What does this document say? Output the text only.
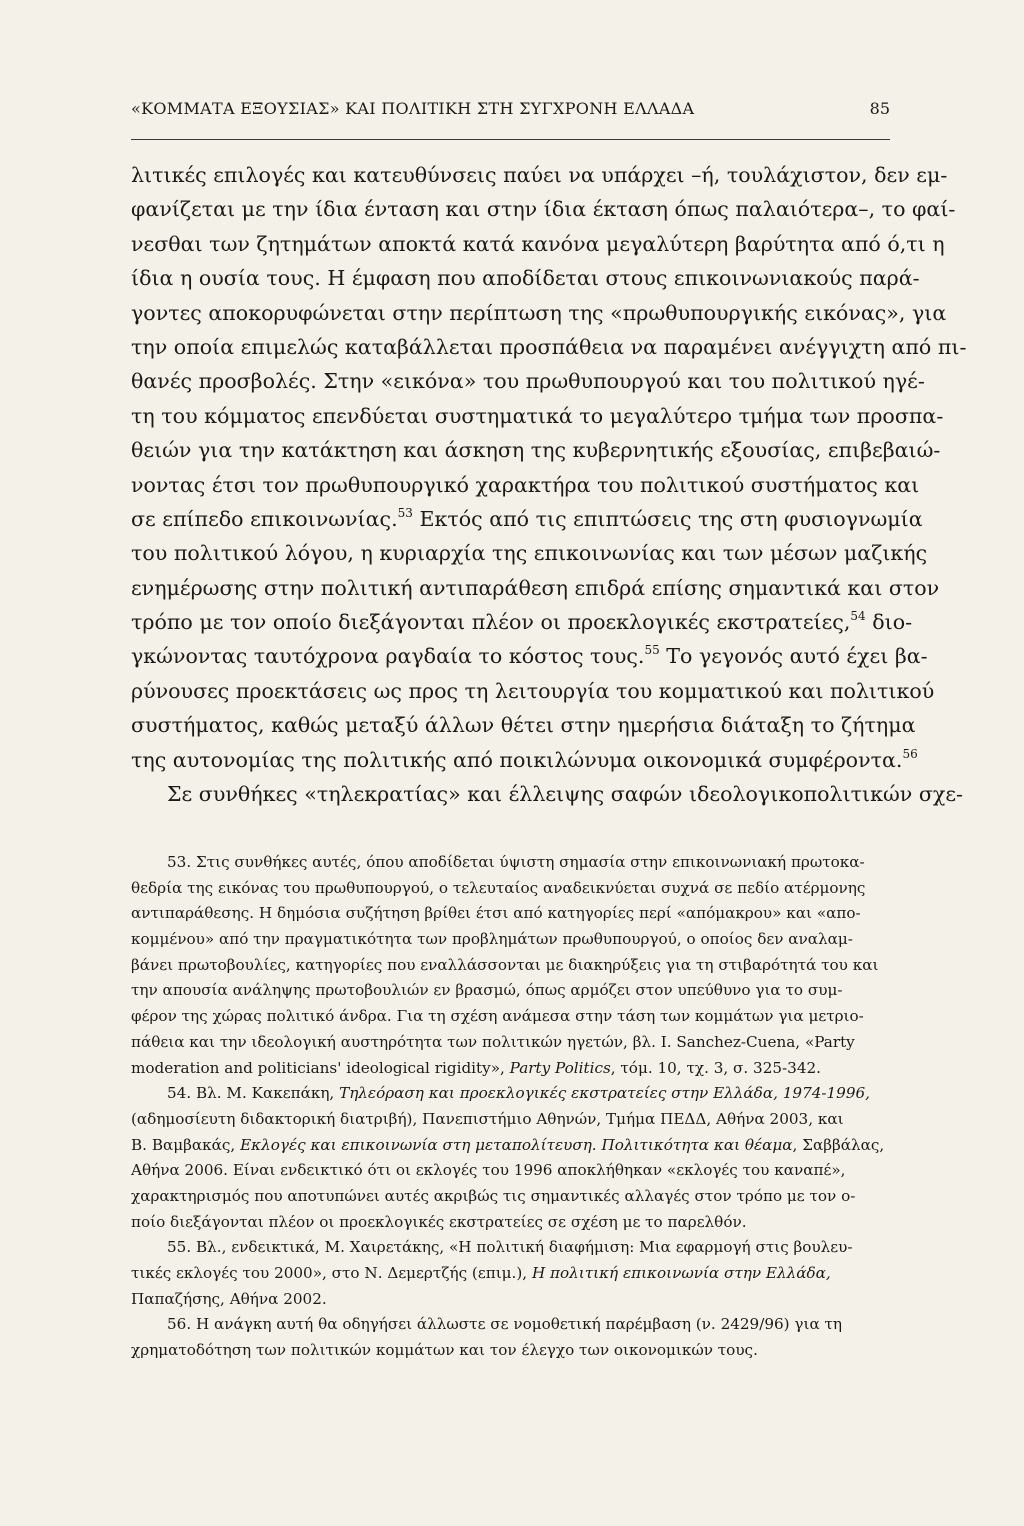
«ΚΟΜΜΑΤΑ ΕΞΟΥΣΙΑΣ» ΚΑΙ ΠΟΛΙΤΙΚΗ ΣΤΗ ΣΥΓΧΡΟΝΗ ΕΛΛΑΔΑ	85
λιτικές επιλογές και κατευθύνσεις παύει να υπάρχει –ή, τουλάχιστον, δεν εμ-
φανίζεται με την ίδια ένταση και στην ίδια έκταση όπως παλαιότερα–, το φαί-
νεσθαι των ζητημάτων αποκτά κατά κανόνα μεγαλύτερη βαρύτητα από ό,τι η
ίδια η ουσία τους. Η έμφαση που αποδίδεται στους επικοινωνιακούς παρά-
γοντες αποκορυφώνεται στην περίπτωση της «πρωθυπουργικής εικόνας», για
την οποία επιμελώς καταβάλλεται προσπάθεια να παραμένει ανέγγιχτη από πι-
θανές προσβολές. Στην «εικόνα» του πρωθυπουργού και του πολιτικού ηγέ-
τη του κόμματος επενδύεται συστηματικά το μεγαλύτερο τμήμα των προσπα-
θειών για την κατάκτηση και άσκηση της κυβερνητικής εξουσίας, επιβεβαιώ-
νοντας έτσι τον πρωθυπουργικό χαρακτήρα του πολιτικού συστήματος και
σε επίπεδο επικοινωνίας.$^{53}$ Εκτός από τις επιπτώσεις της στη φυσιογνωμία
του πολιτικού λόγου, η κυριαρχία της επικοινωνίας και των μέσων μαζικής
ενημέρωσης στην πολιτική αντιπαράθεση επιδρά επίσης σημαντικά και στον
τρόπο με τον οποίο διεξάγονται πλέον οι προεκλογικές εκστρατείες,$^{54}$ διο-
γκώνοντας ταυτόχρονα ραγδαία το κόστος τους.$^{55}$ Το γεγονός αυτό έχει βα-
ρύνουσες προεκτάσεις ως προς τη λειτουργία του κομματικού και πολιτικού
συστήματος, καθώς μεταξύ άλλων θέτει στην ημερήσια διάταξη το ζήτημα
της αυτονομίας της πολιτικής από ποικιλώνυμα οικονομικά συμφέροντα.$^{56}$
Σε συνθήκες «τηλεκρατίας» και έλλειψης σαφών ιδεολογικοπολιτικών σχε-
53. Στις συνθήκες αυτές, όπου αποδίδεται ύψιστη σημασία στην επικοινωνιακή πρωτοκα-
θεδρία της εικόνας του πρωθυπουργού, ο τελευταίος αναδεικνύεται συχνά σε πεδίο ατέρμονης
αντιπαράθεσης. Η δημόσια συζήτηση βρίθει έτσι από κατηγορίες περί «απόμακρου» και «απο-
κομμένου» από την πραγματικότητα των προβλημάτων πρωθυπουργού, ο οποίος δεν αναλαμ-
βάνει πρωτοβουλίες, κατηγορίες που εναλλάσσονται με διακηρύξεις για τη στιβαρότητά του και
την απουσία ανάληψης πρωτοβουλιών εν βρασμώ, όπως αρμόζει στον υπεύθυνο για το συμ-
φέρον της χώρας πολιτικό άνδρα. Για τη σχέση ανάμεσα στην τάση των κομμάτων για μετριο-
πάθεια και την ιδεολογική αυστηρότητα των πολιτικών ηγετών, βλ. I. Sanchez-Cuena, «Party
moderation and politicians' ideological rigidity», Party Politics, τόμ. 10, τχ. 3, σ. 325-342.
54. Βλ. Μ. Κακεπάκη, Τηλεόραση και προεκλογικές εκστρατείες στην Ελλάδα, 1974-1996,
(αδημοσίευτη διδακτορική διατριβή), Πανεπιστήμιο Αθηνών, Τμήμα ΠΕΔΔ, Αθήνα 2003, και
Β. Βαμβακάς, Εκλογές και επικοινωνία στη μεταπολίτευση. Πολιτικότητα και θέαμα, Σαββάλας,
Αθήνα 2006. Είναι ενδεικτικό ότι οι εκλογές του 1996 αποκλήθηκαν «εκλογές του καναπέ»,
χαρακτηρισμός που αποτυπώνει αυτές ακριβώς τις σημαντικές αλλαγές στον τρόπο με τον ο-
ποίο διεξάγονται πλέον οι προεκλογικές εκστρατείες σε σχέση με το παρελθόν.
55. Βλ., ενδεικτικά, Μ. Χαιρετάκης, «Η πολιτική διαφήμιση: Μια εφαρμογή στις βουλευ-
τικές εκλογές του 2000», στο Ν. Δεμερτζής (επιμ.), Η πολιτική επικοινωνία στην Ελλάδα,
Παπαζήσης, Αθήνα 2002.
56. Η ανάγκη αυτή θα οδηγήσει άλλωστε σε νομοθετική παρέμβαση (ν. 2429/96) για τη
χρηματοδότηση των πολιτικών κομμάτων και τον έλεγχο των οικονομικών τους.
